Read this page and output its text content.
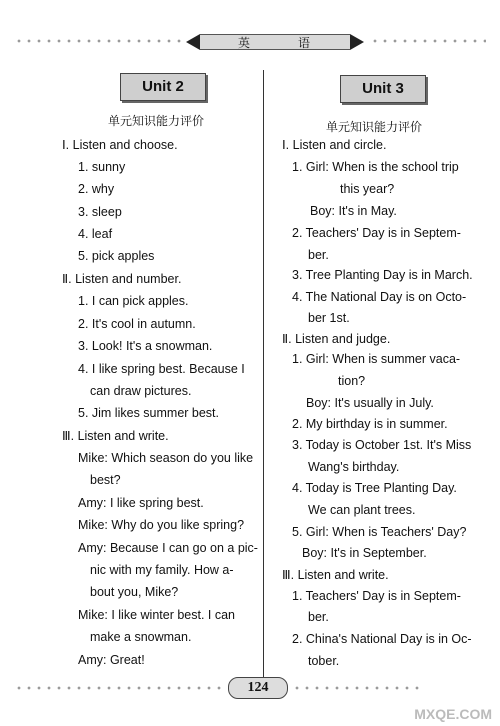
英	语
Unit 2	Unit 3
单元知识能力评价	单元知识能力评价
Ⅰ. Listen and choose.
1. sunny
2. why
3. sleep
4. leaf
5. pick apples
Ⅱ. Listen and number.
1. I can pick apples.
2. It's cool in autumn.
3. Look! It's a snowman.
4. I like spring best. Because I
can draw pictures.
5. Jim likes summer best.
Ⅲ. Listen and write.
Mike: Which season do you like
best?
Amy: I like spring best.
Mike: Why do you like spring?
Amy: Because I can go on a pic-
nic with my family. How a-
bout you, Mike?
Mike: I like winter best. I can
make a snowman.
Amy: Great!
Ⅰ. Listen and circle.
1. Girl: When is the school trip
this year?
Boy: It's in May.
2. Teachers' Day is in Septem-
ber.
3. Tree Planting Day is in March.
4. The National Day is on Octo-
ber 1st.
Ⅱ. Listen and judge.
1. Girl: When is summer vaca-
tion?
Boy: It's usually in July.
2. My birthday is in summer.
3. Today is October 1st. It's Miss
Wang's birthday.
4. Today is Tree Planting Day.
We can plant trees.
5. Girl: When is Teachers' Day?
Boy: It's in September.
Ⅲ. Listen and write.
1. Teachers' Day is in Septem-
ber.
2. China's National Day is in Oc-
tober.
124
MXQE.COM
